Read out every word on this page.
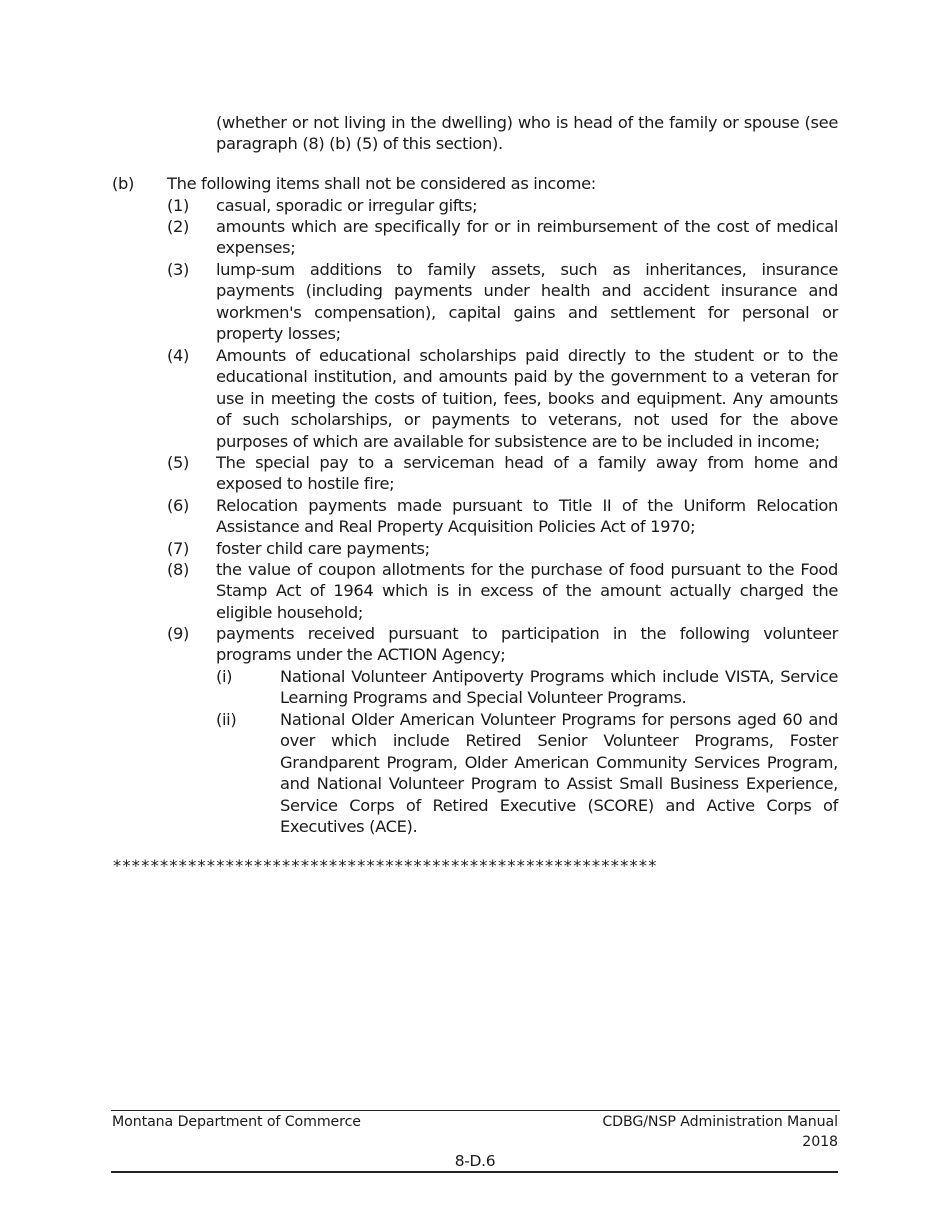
(whether or not living in the dwelling) who is head of the family or spouse (see paragraph (8) (b) (5) of this section).
(b) The following items shall not be considered as income:
(1) casual, sporadic or irregular gifts;
(2) amounts which are specifically for or in reimbursement of the cost of medical expenses;
(3) lump-sum additions to family assets, such as inheritances, insurance payments (including payments under health and accident insurance and workmen's compensation), capital gains and settlement for personal or property losses;
(4) Amounts of educational scholarships paid directly to the student or to the educational institution, and amounts paid by the government to a veteran for use in meeting the costs of tuition, fees, books and equipment. Any amounts of such scholarships, or payments to veterans, not used for the above purposes of which are available for subsistence are to be included in income;
(5) The special pay to a serviceman head of a family away from home and exposed to hostile fire;
(6) Relocation payments made pursuant to Title II of the Uniform Relocation Assistance and Real Property Acquisition Policies Act of 1970;
(7) foster child care payments;
(8) the value of coupon allotments for the purchase of food pursuant to the Food Stamp Act of 1964 which is in excess of the amount actually charged the eligible household;
(9) payments received pursuant to participation in the following volunteer programs under the ACTION Agency;
(i)	National Volunteer Antipoverty Programs which include VISTA, Service Learning Programs and Special Volunteer Programs.
(ii)	National Older American Volunteer Programs for persons aged 60 and over which include Retired Senior Volunteer Programs, Foster Grandparent Program, Older American Community Services Program, and National Volunteer Program to Assist Small Business Experience, Service Corps of Retired Executive (SCORE) and Active Corps of Executives (ACE).
**********************************************************
Montana Department of Commerce	CDBG/NSP Administration Manual
2018
8-D.6
